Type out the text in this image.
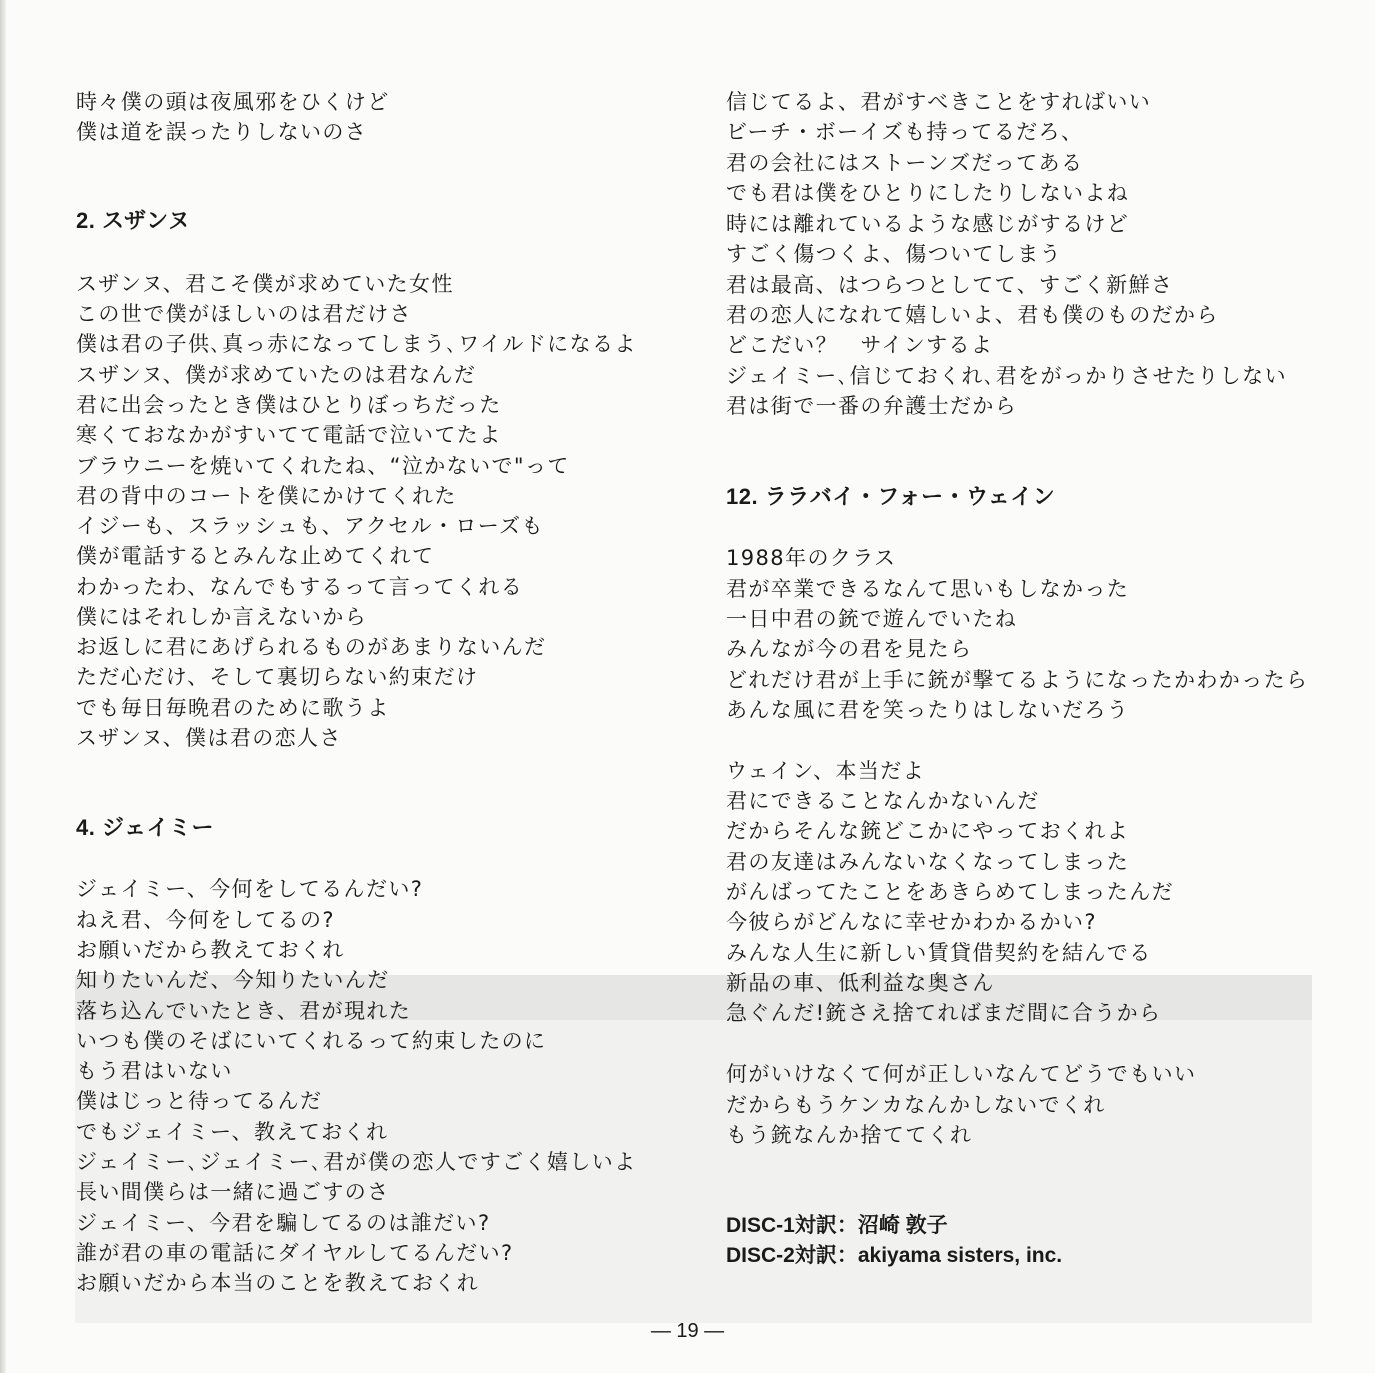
時々僕の頭は夜風邪をひくけど
僕は道を誤ったりしないのさ
2. スザンヌ
スザンヌ、君こそ僕が求めていた女性
この世で僕がほしいのは君だけさ
僕は君の子供､真っ赤になってしまう､ワイルドになるよ
スザンヌ、僕が求めていたのは君なんだ
君に出会ったとき僕はひとりぼっちだった
寒くておなかがすいてて電話で泣いてたよ
ブラウニーを焼いてくれたね、“泣かないで"って
君の背中のコートを僕にかけてくれた
イジーも、スラッシュも、アクセル・ローズも
僕が電話するとみんな止めてくれて
わかったわ、なんでもするって言ってくれる
僕にはそれしか言えないから
お返しに君にあげられるものがあまりないんだ
ただ心だけ、そして裏切らない約束だけ
でも毎日毎晩君のために歌うよ
スザンヌ、僕は君の恋人さ
4. ジェイミー
ジェイミー、今何をしてるんだい?
ねえ君、今何をしてるの?
お願いだから教えておくれ
知りたいんだ、今知りたいんだ
落ち込んでいたとき、君が現れた
いつも僕のそばにいてくれるって約束したのに
もう君はいない
僕はじっと待ってるんだ
でもジェイミー、教えておくれ
ジェイミー､ジェイミー､君が僕の恋人ですごく嬉しいよ
長い間僕らは一緒に過ごすのさ
ジェイミー、今君を騙してるのは誰だい?
誰が君の車の電話にダイヤルしてるんだい?
お願いだから本当のことを教えておくれ
信じてるよ、君がすべきことをすればいい
ビーチ・ボーイズも持ってるだろ、
君の会社にはストーンズだってある
でも君は僕をひとりにしたりしないよね
時には離れているような感じがするけど
すごく傷つくよ、傷ついてしまう
君は最高、はつらつとしてて、すごく新鮮さ
君の恋人になれて嬉しいよ、君も僕のものだから
どこだい？　サインするよ
ジェイミー､信じておくれ､君をがっかりさせたりしない
君は街で一番の弁護士だから
12. ララバイ・フォー・ウェイン
1988年のクラス
君が卒業できるなんて思いもしなかった
一日中君の銃で遊んでいたね
みんなが今の君を見たら
どれだけ君が上手に銃が撃てるようになったかわかったら
あんな風に君を笑ったりはしないだろう
ウェイン、本当だよ
君にできることなんかないんだ
だからそんな銃どこかにやっておくれよ
君の友達はみんないなくなってしまった
がんばってたことをあきらめてしまったんだ
今彼らがどんなに幸せかわかるかい?
みんな人生に新しい賃貸借契約を結んでる
新品の車、低利益な奥さん
急ぐんだ!銃さえ捨てればまだ間に合うから
何がいけなくて何が正しいなんてどうでもいい
だからもうケンカなんかしないでくれ
もう銃なんか捨ててくれ
DISC-1対訳：沼崎 敦子
DISC-2対訳：akiyama sisters, inc.
— 19 —
